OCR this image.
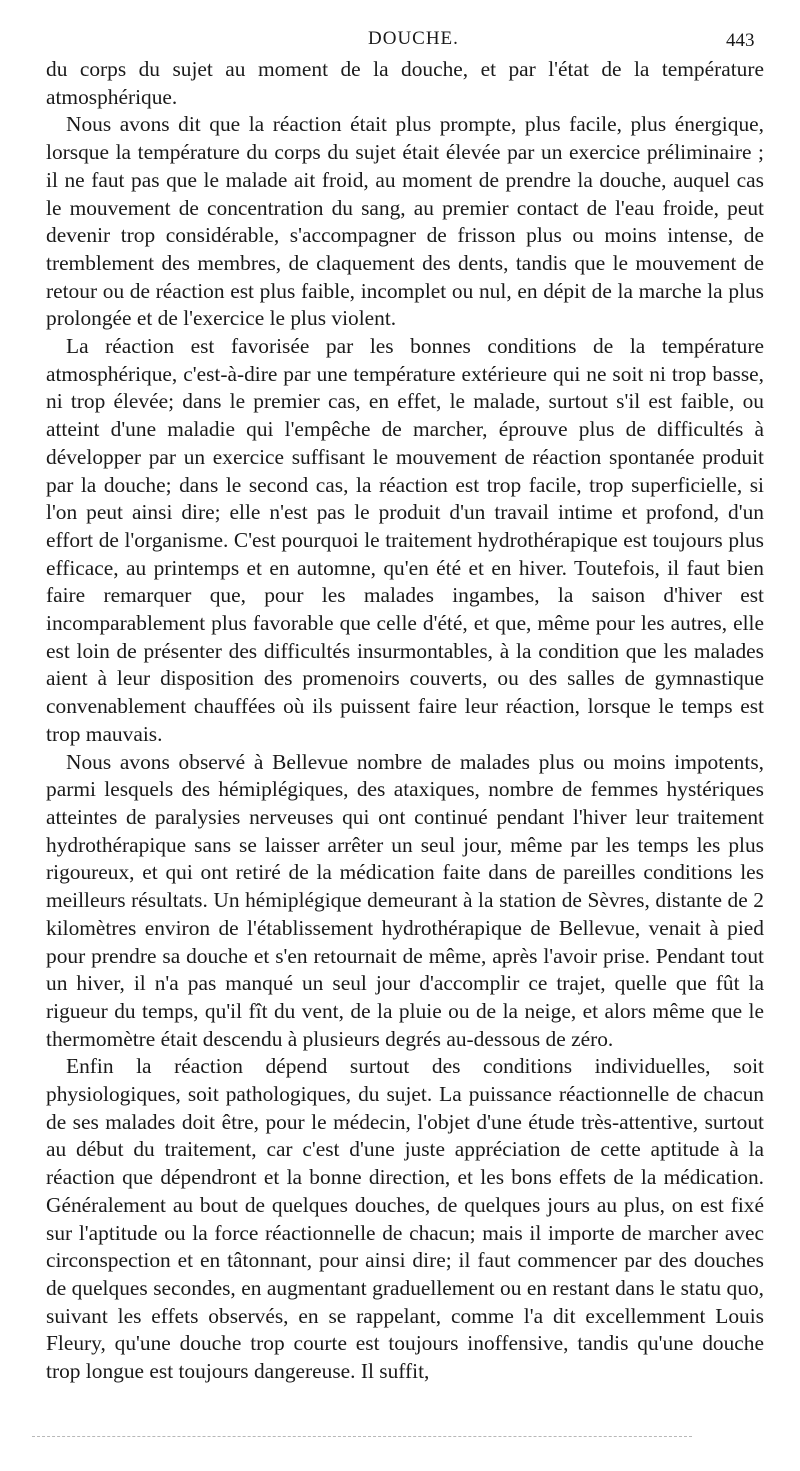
DOUCHE.	443

du corps du sujet au moment de la douche, et par l'état de la température atmosphérique.

Nous avons dit que la réaction était plus prompte, plus facile, plus énergique, lorsque la température du corps du sujet était élevée par un exercice préliminaire ; il ne faut pas que le malade ait froid, au moment de prendre la douche, auquel cas le mouvement de concentration du sang, au premier contact de l'eau froide, peut devenir trop considérable, s'accompagner de frisson plus ou moins intense, de tremblement des membres, de claquement des dents, tandis que le mouvement de retour ou de réaction est plus faible, incomplet ou nul, en dépit de la marche la plus prolongée et de l'exercice le plus violent.

La réaction est favorisée par les bonnes conditions de la température atmosphérique, c'est-à-dire par une température extérieure qui ne soit ni trop basse, ni trop élevée; dans le premier cas, en effet, le malade, surtout s'il est faible, ou atteint d'une maladie qui l'empêche de marcher, éprouve plus de difficultés à développer par un exercice suffisant le mouvement de réaction spontanée produit par la douche; dans le second cas, la réaction est trop facile, trop superficielle, si l'on peut ainsi dire; elle n'est pas le produit d'un travail intime et profond, d'un effort de l'organisme. C'est pourquoi le traitement hydrothérapique est toujours plus efficace, au printemps et en automne, qu'en été et en hiver. Toutefois, il faut bien faire remarquer que, pour les malades ingambes, la saison d'hiver est incomparablement plus favorable que celle d'été, et que, même pour les autres, elle est loin de présenter des difficultés insurmontables, à la condition que les malades aient à leur disposition des promenoirs couverts, ou des salles de gymnastique convenablement chauffées où ils puissent faire leur réaction, lorsque le temps est trop mauvais.

Nous avons observé à Bellevue nombre de malades plus ou moins impotents, parmi lesquels des hémiplégiques, des ataxiques, nombre de femmes hystériques atteintes de paralysies nerveuses qui ont continué pendant l'hiver leur traitement hydrothérapique sans se laisser arrêter un seul jour, même par les temps les plus rigoureux, et qui ont retiré de la médication faite dans de pareilles conditions les meilleurs résultats. Un hémiplégique demeurant à la station de Sèvres, distante de 2 kilomètres environ de l'établissement hydrothérapique de Bellevue, venait à pied pour prendre sa douche et s'en retournait de même, après l'avoir prise. Pendant tout un hiver, il n'a pas manqué un seul jour d'accomplir ce trajet, quelle que fût la rigueur du temps, qu'il fît du vent, de la pluie ou de la neige, et alors même que le thermomètre était descendu à plusieurs degrés au-dessous de zéro.

Enfin la réaction dépend surtout des conditions individuelles, soit physiologiques, soit pathologiques, du sujet. La puissance réactionnelle de chacun de ses malades doit être, pour le médecin, l'objet d'une étude très-attentive, surtout au début du traitement, car c'est d'une juste appréciation de cette aptitude à la réaction que dépendront et la bonne direction, et les bons effets de la médication. Généralement au bout de quelques douches, de quelques jours au plus, on est fixé sur l'aptitude ou la force réactionnelle de chacun; mais il importe de marcher avec circonspection et en tâtonnant, pour ainsi dire; il faut commencer par des douches de quelques secondes, en augmentant graduellement ou en restant dans le statu quo, suivant les effets observés, en se rappelant, comme l'a dit excellemment Louis Fleury, qu'une douche trop courte est toujours inoffensive, tandis qu'une douche trop longue est toujours dangereuse. Il suffit,
